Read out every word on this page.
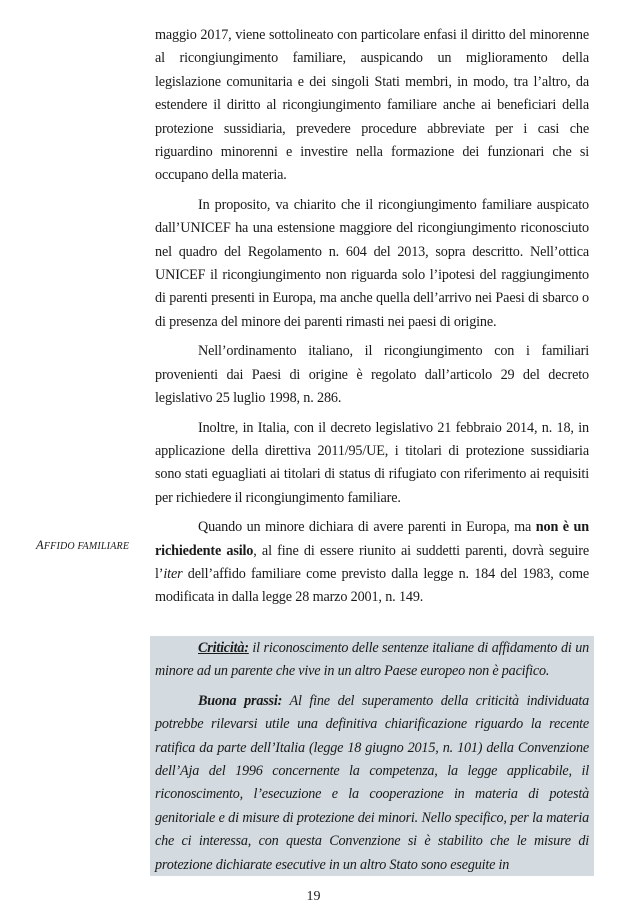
maggio 2017, viene sottolineato con particolare enfasi il diritto del minorenne al ricongiungimento familiare, auspicando un miglioramento della legislazione comunitaria e dei singoli Stati membri, in modo, tra l’altro, da estendere il diritto al ricongiungimento familiare anche ai beneficiari della protezione sussidiaria, prevedere procedure abbreviate per i casi che riguardino minorenni e investire nella formazione dei funzionari che si occupano della materia.

In proposito, va chiarito che il ricongiungimento familiare auspicato dall’UNICEF ha una estensione maggiore del ricongiungimento riconosciuto nel quadro del Regolamento n. 604 del 2013, sopra descritto. Nell’ottica UNICEF il ricongiungimento non riguarda solo l’ipotesi del raggiungimento di parenti presenti in Europa, ma anche quella dell’arrivo nei Paesi di sbarco o di presenza del minore dei parenti rimasti nei paesi di origine.

Nell’ordinamento italiano, il ricongiungimento con i familiari provenienti dai Paesi di origine è regolato dall’articolo 29 del decreto legislativo 25 luglio 1998, n. 286.

Inoltre, in Italia, con il decreto legislativo 21 febbraio 2014, n. 18, in applicazione della direttiva 2011/95/UE, i titolari di protezione sussidiaria sono stati eguagliati ai titolari di status di rifugiato con riferimento ai requisiti per richiedere il ricongiungimento familiare.

Quando un minore dichiara di avere parenti in Europa, ma non è un richiedente asilo, al fine di essere riunito ai suddetti parenti, dovrà seguire l’iter dell’affido familiare come previsto dalla legge n. 184 del 1983, come modificata in dalla legge 28 marzo 2001, n. 149.

AFFIDO FAMILIARE

Criticità: il riconoscimento delle sentenze italiane di affidamento di un minore ad un parente che vive in un altro Paese europeo non è pacifico.

Buona prassi: Al fine del superamento della criticità individuata potrebbe rilevarsi utile una definitiva chiarificazione riguardo la recente ratifica da parte dell’Italia (legge 18 giugno 2015, n. 101) della Convenzione dell’Aja del 1996 concernente la competenza, la legge applicabile, il riconoscimento, l’esecuzione e la cooperazione in materia di potestà genitoriale e di misure di protezione dei minori. Nello specifico, per la materia che ci interessa, con questa Convenzione si è stabilito che le misure di protezione dichiarate esecutive in un altro Stato sono eseguite in

19
